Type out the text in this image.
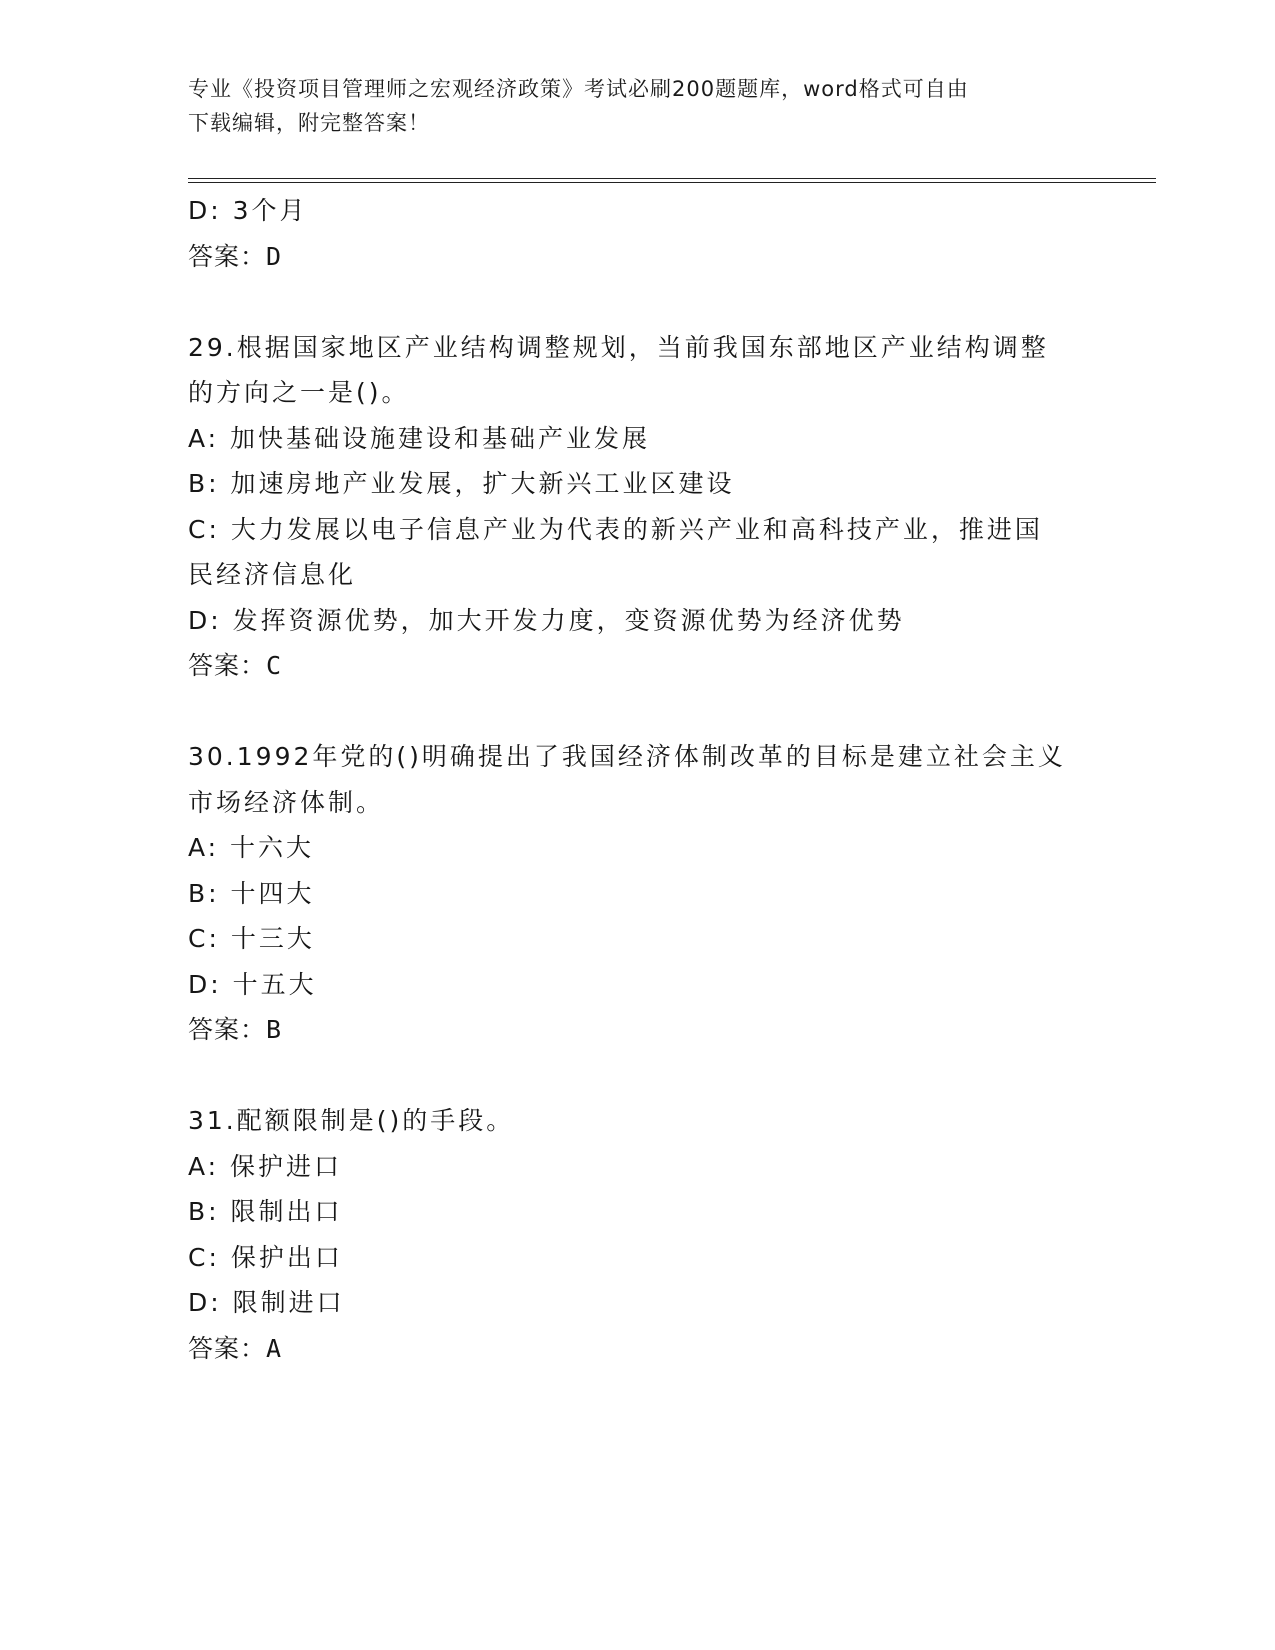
专业《投资项目管理师之宏观经济政策》考试必刷200题题库，word格式可自由
下载编辑，附完整答案！
D: 3个月
答案：D
29.根据国家地区产业结构调整规划，当前我国东部地区产业结构调整
的方向之一是()。
A: 加快基础设施建设和基础产业发展
B: 加速房地产业发展，扩大新兴工业区建设
C: 大力发展以电子信息产业为代表的新兴产业和高科技产业，推进国
民经济信息化
D: 发挥资源优势，加大开发力度，变资源优势为经济优势
答案：C
30.1992年党的()明确提出了我国经济体制改革的目标是建立社会主义
市场经济体制。
A: 十六大
B: 十四大
C: 十三大
D: 十五大
答案：B
31.配额限制是()的手段。
A: 保护进口
B: 限制出口
C: 保护出口
D: 限制进口
答案：A
